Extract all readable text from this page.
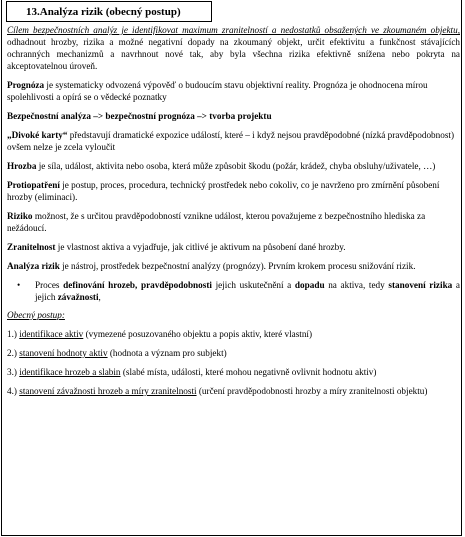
13.Analýza rizik (obecný postup)

Cílem bezpečnostních analýz je identifikovat maximum zranitelností a nedostatků obsažených ve zkoumaném objektu, odhadnout hrozby, rizika a možné negativní dopady na zkoumaný objekt, určit efektivitu a funkčnost stávajících ochranných mechanizmů a navrhnout nové tak, aby byla všechna rizika efektivně snížena nebo pokryta na akceptovatelnou úroveň.

Prognóza je systematicky odvozená výpověď o budoucím stavu objektivní reality. Prognóza je ohodnocena mírou spolehlivosti a opírá se o vědecké poznatky

Bezpečnostní analýza –> bezpečnostní prognóza –> tvorba projektu

„Divoké karty“ představují dramatické expozice událostí, které – i když nejsou pravděpodobné (nízká pravděpodobnost) ovšem nelze je zcela vyloučit

Hrozba je síla, událost, aktivita nebo osoba, která může způsobit škodu (požár, krádež, chyba obsluhy/uživatele, …)

Protiopatření je postup, proces, procedura, technický prostředek nebo cokoliv, co je navrženo pro zmírnění působení hrozby (eliminaci).

Riziko možnost, že s určitou pravděpodobností vznikne událost, kterou považujeme z bezpečnostního hlediska za nežádoucí.

Zranitelnost je vlastnost aktiva a vyjadřuje, jak citlivé je aktivum na působení dané hrozby.

Analýza rizik je nástroj, prostředek bezpečnostní analýzy (prognózy). Prvním krokem procesu snižování rizik.

• Proces definování hrozeb, pravděpodobnosti jejich uskutečnění a dopadu na aktiva, tedy stanovení rizika a jejich závažnosti,

Obecný postup:

1.) identifikace aktiv (vymezené posuzovaného objektu a popis aktiv, které vlastní)

2.) stanovení hodnoty aktiv (hodnota a význam pro subjekt)

3.) identifikace hrozeb a slabin (slabé místa, události, které mohou negativně ovlivnit hodnotu aktiv)

4.) stanovení závažnosti hrozeb a míry zranitelnosti (určení pravděpodobnosti hrozby a míry zranitelnosti objektu)
